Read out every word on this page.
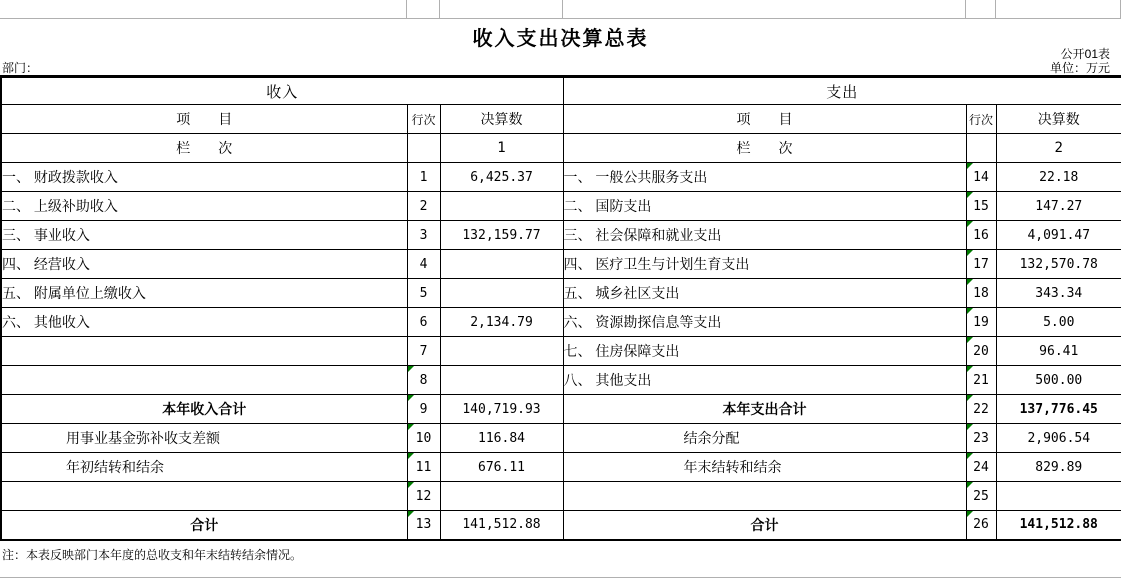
收入支出决算总表
公开01表
单位：万元
部门：
收入			支出		
项　　目	行次	决算数	项　　目	行次	决算数
栏　　次		1	栏　　次		2
一、 财政拨款收入	1	6,425.37	一、 一般公共服务支出	14	22.18
二、 上级补助收入	2		二、 国防支出	15	147.27
三、 事业收入	3	132,159.77	三、 社会保障和就业支出	16	4,091.47
四、 经营收入	4		四、 医疗卫生与计划生育支出	17	132,570.78
五、 附属单位上缴收入	5		五、 城乡社区支出	18	343.34
六、 其他收入	6	2,134.79	六、 资源勘探信息等支出	19	5.00
	7		七、 住房保障支出	20	96.41
	8		八、 其他支出	21	500.00
本年收入合计	9	140,719.93	本年支出合计	22	137,776.45
用事业基金弥补收支差额	10	116.84	结余分配	23	2,906.54
年初结转和结余	11	676.11	年末结转和结余	24	829.89
	12			25

合计	13	141,512.88	合计	26	141,512.88
注：本表反映部门本年度的总收支和年末结转结余情况。
